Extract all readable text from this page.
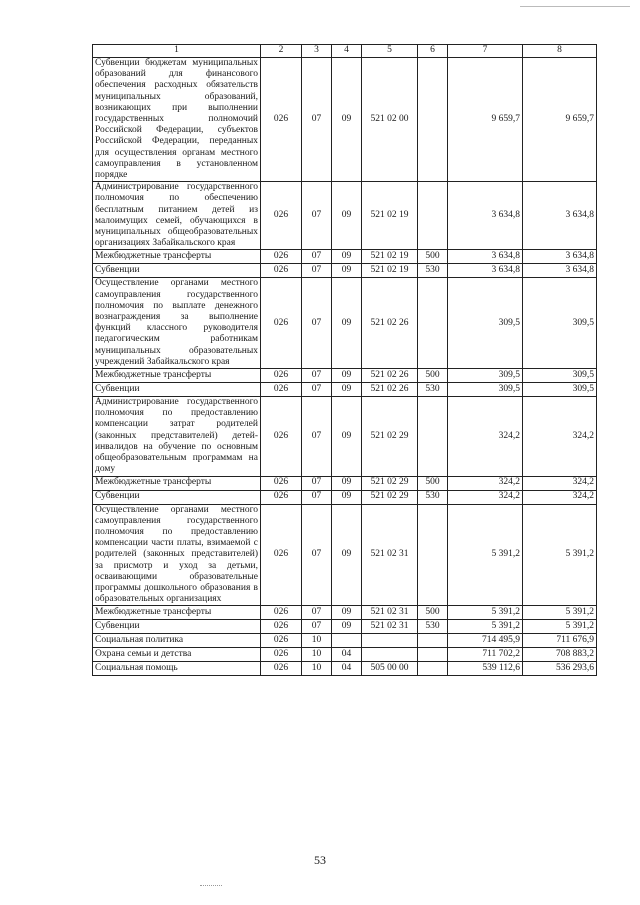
1	2	3	4	5	6	7	8
Субвенции бюджетам муниципальных образований для финансового обеспечения расходных обязательств муниципальных образований, возникающих при выполнении государственных полномочий Российской Федерации, субъектов Российской Федерации, переданных для осуществления органам местного самоуправления в установленном порядке	026	07	09	521 02 00		9 659,7	9 659,7
Администрирование государственного полномочия по обеспечению бесплатным питанием детей из малоимущих семей, обучающихся в муниципальных общеобразовательных организациях Забайкальского края	026	07	09	521 02 19		3 634,8	3 634,8
Межбюджетные трансферты	026	07	09	521 02 19	500	3 634,8	3 634,8
Субвенции	026	07	09	521 02 19	530	3 634,8	3 634,8
Осуществление органами местного самоуправления государственного полномочия по выплате денежного вознаграждения за выполнение функций классного руководителя педагогическим работникам муниципальных образовательных учреждений Забайкальского края	026	07	09	521 02 26		309,5	309,5
Межбюджетные трансферты	026	07	09	521 02 26	500	309,5	309,5
Субвенции	026	07	09	521 02 26	530	309,5	309,5
Администрирование государственного полномочия по предоставлению компенсации затрат родителей (законных представителей) детей-инвалидов на обучение по основным общеобразовательным программам на дому	026	07	09	521 02 29		324,2	324,2
Межбюджетные трансферты	026	07	09	521 02 29	500	324,2	324,2
Субвенции	026	07	09	521 02 29	530	324,2	324,2
Осуществление органами местного самоуправления государственного полномочия по предоставлению компенсации части платы, взимаемой с родителей (законных представителей) за присмотр и уход за детьми, осваивающими образовательные программы дошкольного образования в образовательных организациях	026	07	09	521 02 31		5 391,2	5 391,2
Межбюджетные трансферты	026	07	09	521 02 31	500	5 391,2	5 391,2
Субвенции	026	07	09	521 02 31	530	5 391,2	5 391,2
Социальная политика	026	10				714 495,9	711 676,9
Охрана семьи и детства	026	10	04			711 702,2	708 883,2
Социальная помощь	026	10	04	505 00 00		539 112,6	536 293,6
53
